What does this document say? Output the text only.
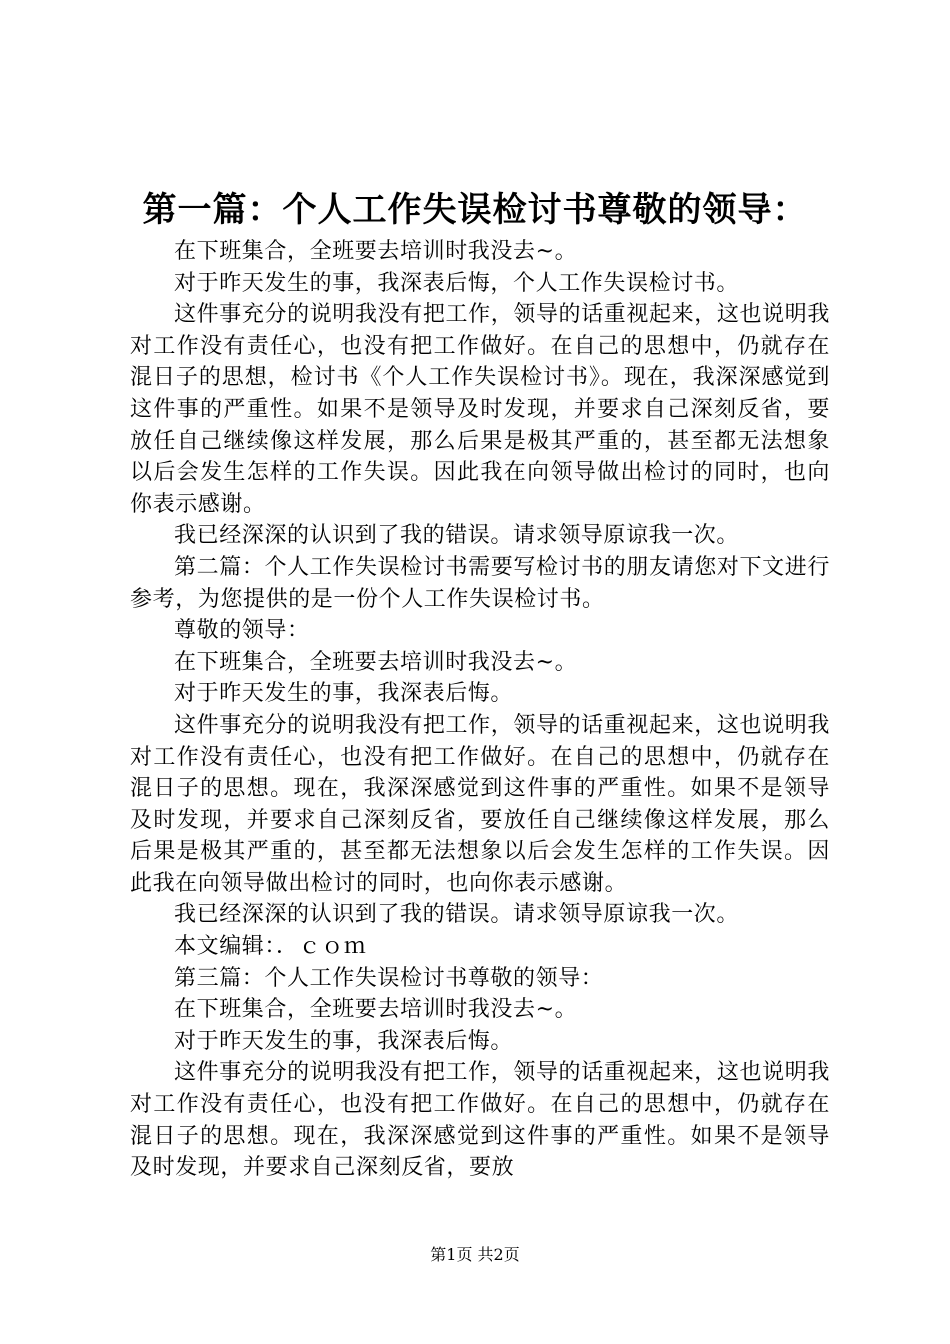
第一篇：个人工作失误检讨书尊敬的领导：

在下班集合，全班要去培训时我没去~。

对于昨天发生的事，我深表后悔，个人工作失误检讨书。

这件事充分的说明我没有把工作，领导的话重视起来，这也说明我对工作没有责任心，也没有把工作做好。在自己的思想中，仍就存在混日子的思想，检讨书《个人工作失误检讨书》。现在，我深深感觉到这件事的严重性。如果不是领导及时发现，并要求自己深刻反省，要放任自己继续像这样发展，那么后果是极其严重的，甚至都无法想象以后会发生怎样的工作失误。因此我在向领导做出检讨的同时，也向你表示感谢。

我已经深深的认识到了我的错误。请求领导原谅我一次。

第二篇：个人工作失误检讨书需要写检讨书的朋友请您对下文进行参考，为您提供的是一份个人工作失误检讨书。

尊敬的领导：

在下班集合，全班要去培训时我没去~。

对于昨天发生的事，我深表后悔。

这件事充分的说明我没有把工作，领导的话重视起来，这也说明我对工作没有责任心，也没有把工作做好。在自己的思想中，仍就存在混日子的思想。现在，我深深感觉到这件事的严重性。如果不是领导及时发现，并要求自己深刻反省，要放任自己继续像这样发展，那么后果是极其严重的，甚至都无法想象以后会发生怎样的工作失误。因此我在向领导做出检讨的同时，也向你表示感谢。

我已经深深的认识到了我的错误。请求领导原谅我一次。

本文编辑：．ｃｏｍ

第三篇：个人工作失误检讨书尊敬的领导：

在下班集合，全班要去培训时我没去~。

对于昨天发生的事，我深表后悔。

这件事充分的说明我没有把工作，领导的话重视起来，这也说明我对工作没有责任心，也没有把工作做好。在自己的思想中，仍就存在混日子的思想。现在，我深深感觉到这件事的严重性。如果不是领导及时发现，并要求自己深刻反省，要放

第1页 共2页
